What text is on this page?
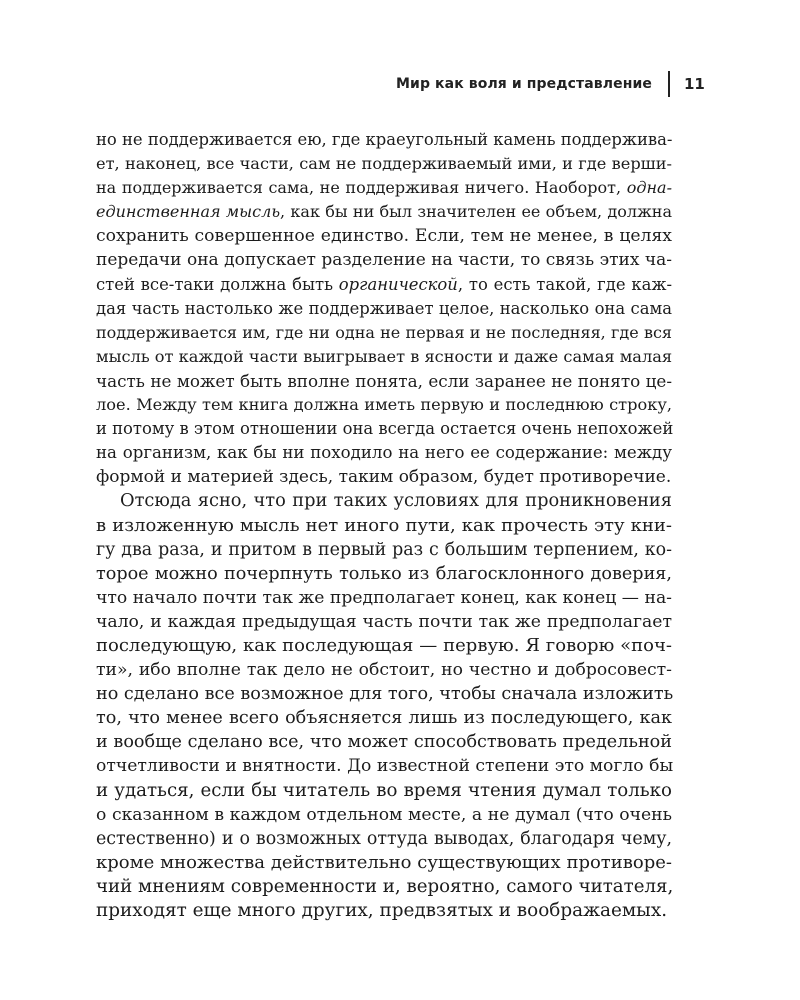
Мир как воля и представление	11
но не поддерживается ею, где краеугольный камень поддержива-
ет, наконец, все части, сам не поддерживаемый ими, и где верши-
на поддерживается сама, не поддерживая ничего. Наоборот, одна-
единственная мысль, как бы ни был значителен ее объем, должна
сохранить совершенное единство. Если, тем не менее, в целях
передачи она допускает разделение на части, то связь этих ча-
стей все-таки должна быть органической, то есть такой, где каж-
дая часть настолько же поддерживает целое, насколько она сама
поддерживается им, где ни одна не первая и не последняя, где вся
мысль от каждой части выигрывает в ясности и даже самая малая
часть не может быть вполне понята, если заранее не понято це-
лое. Между тем книга должна иметь первую и последнюю строку,
и потому в этом отношении она всегда остается очень непохожей
на организм, как бы ни походило на него ее содержание: между
формой и материей здесь, таким образом, будет противоречие.
Отсюда ясно, что при таких условиях для проникновения
в изложенную мысль нет иного пути, как прочесть эту кни-
гу два раза, и притом в первый раз с большим терпением, ко-
торое можно почерпнуть только из благосклонного доверия,
что начало почти так же предполагает конец, как конец — на-
чало, и каждая предыдущая часть почти так же предполагает
последующую, как последующая — первую. Я говорю «поч-
ти», ибо вполне так дело не обстоит, но честно и добросовест-
но сделано все возможное для того, чтобы сначала изложить
то, что менее всего объясняется лишь из последующего, как
и вообще сделано все, что может способствовать предельной
отчетливости и внятности. До известной степени это могло бы
и удаться, если бы читатель во время чтения думал только
о сказанном в каждом отдельном месте, а не думал (что очень
естественно) и о возможных оттуда выводах, благодаря чему,
кроме множества действительно существующих противоре-
чий мнениям современности и, вероятно, самого читателя,
приходят еще много других, предвзятых и воображаемых.
